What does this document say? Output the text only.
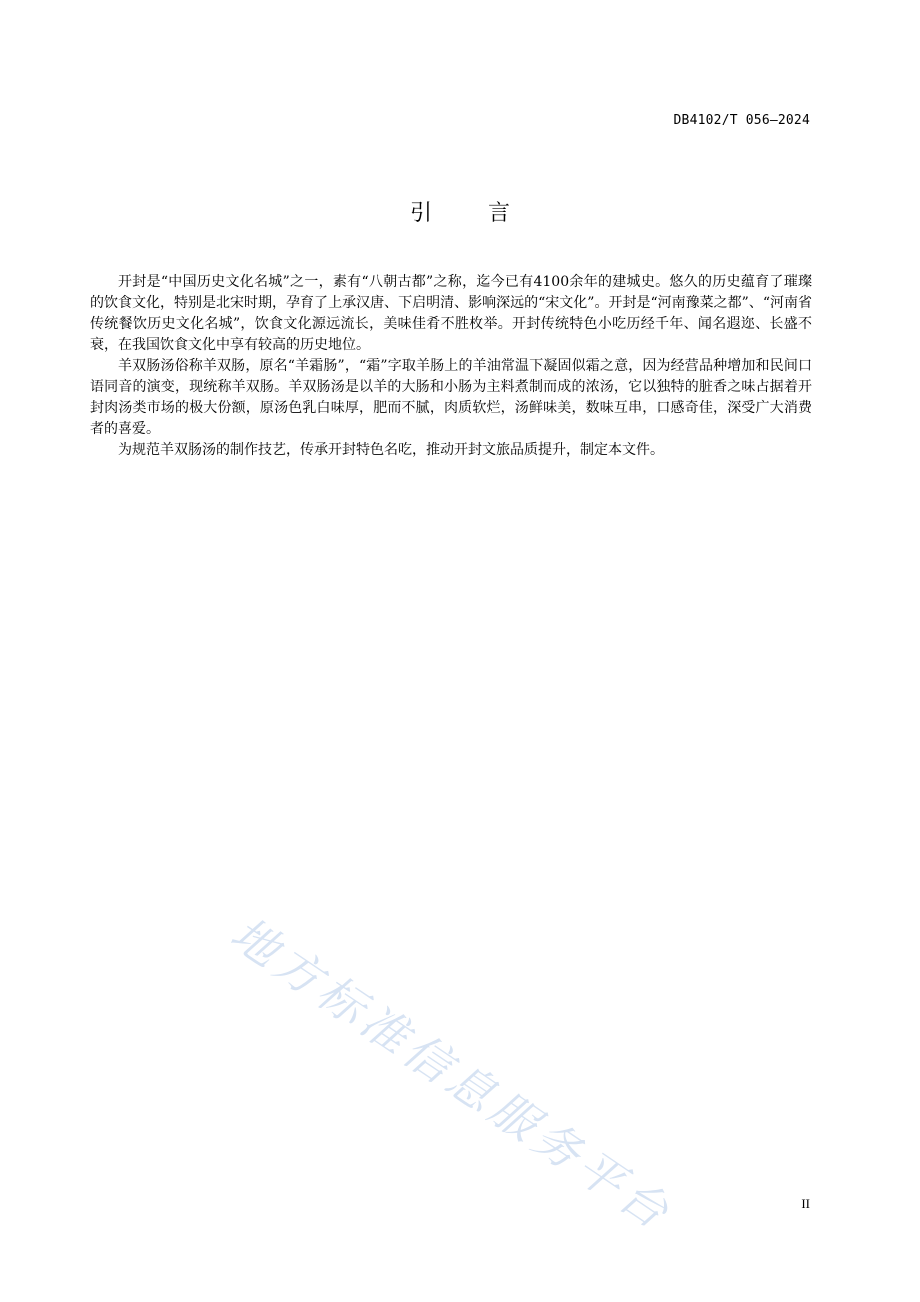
DB4102/T 056—2024
引	言

开封是“中国历史文化名城”之一，素有“八朝古都”之称，迄今已有4100余年的建城史。悠久的历史蕴育了璀璨的饮食文化，特别是北宋时期，孕育了上承汉唐、下启明清、影响深远的“宋文化”。开封是“河南豫菜之都”、“河南省传统餐饮历史文化名城”，饮食文化源远流长，美味佳肴不胜枚举。开封传统特色小吃历经千年、闻名遐迩、长盛不衰，在我国饮食文化中享有较高的历史地位。

羊双肠汤俗称羊双肠，原名“羊霜肠”，“霜”字取羊肠上的羊油常温下凝固似霜之意，因为经营品种增加和民间口语同音的演变，现统称羊双肠。羊双肠汤是以羊的大肠和小肠为主料煮制而成的浓汤，它以独特的脏香之味占据着开封肉汤类市场的极大份额，原汤色乳白味厚，肥而不腻，肉质软烂，汤鲜味美，数味互串，口感奇佳，深受广大消费者的喜爱。

为规范羊双肠汤的制作技艺，传承开封特色名吃，推动开封文旅品质提升，制定本文件。

地方标准信息服务平台	II
